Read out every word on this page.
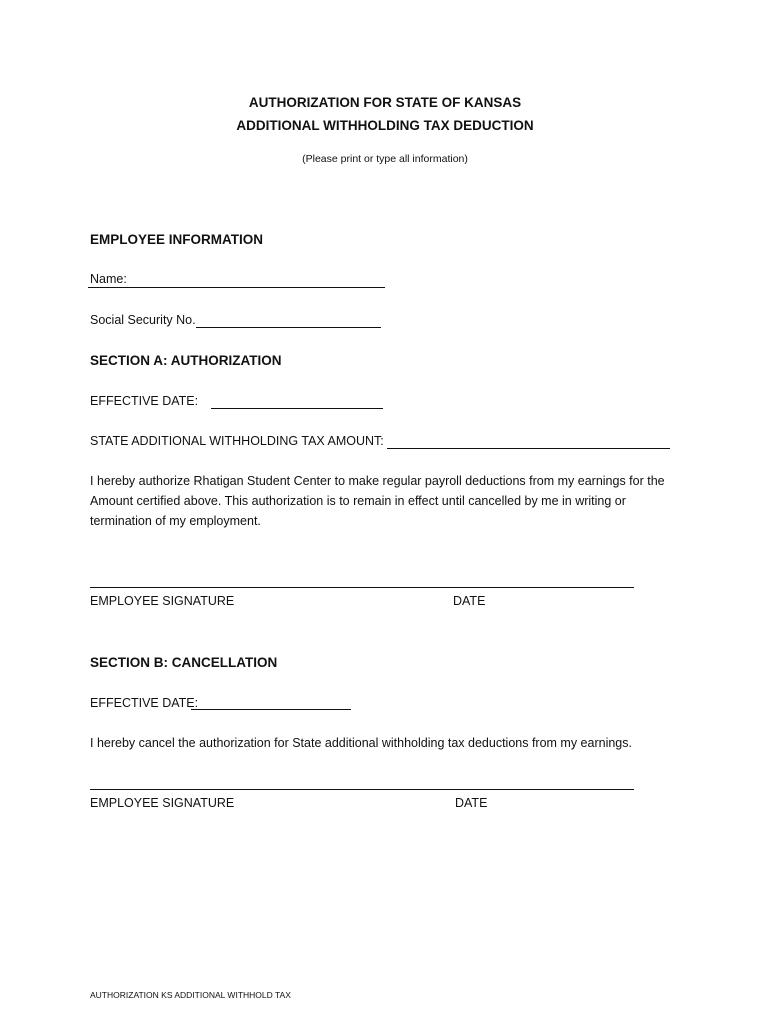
AUTHORIZATION FOR STATE OF KANSAS
ADDITIONAL WITHHOLDING TAX DEDUCTION
(Please print or type all information)
EMPLOYEE INFORMATION
Name:
Social Security No.
SECTION A: AUTHORIZATION
EFFECTIVE DATE:
STATE ADDITIONAL WITHHOLDING TAX AMOUNT:
I hereby authorize Rhatigan Student Center to make regular payroll deductions from my earnings for the
Amount certified above. This authorization is to remain in effect until cancelled by me in writing or
termination of my employment.
EMPLOYEE SIGNATURE	DATE
SECTION B: CANCELLATION
EFFECTIVE DATE:
I hereby cancel the authorization for State additional withholding tax deductions from my earnings.
EMPLOYEE SIGNATURE	DATE
AUTHORIZATION KS ADDITIONAL WITHHOLD TAX
